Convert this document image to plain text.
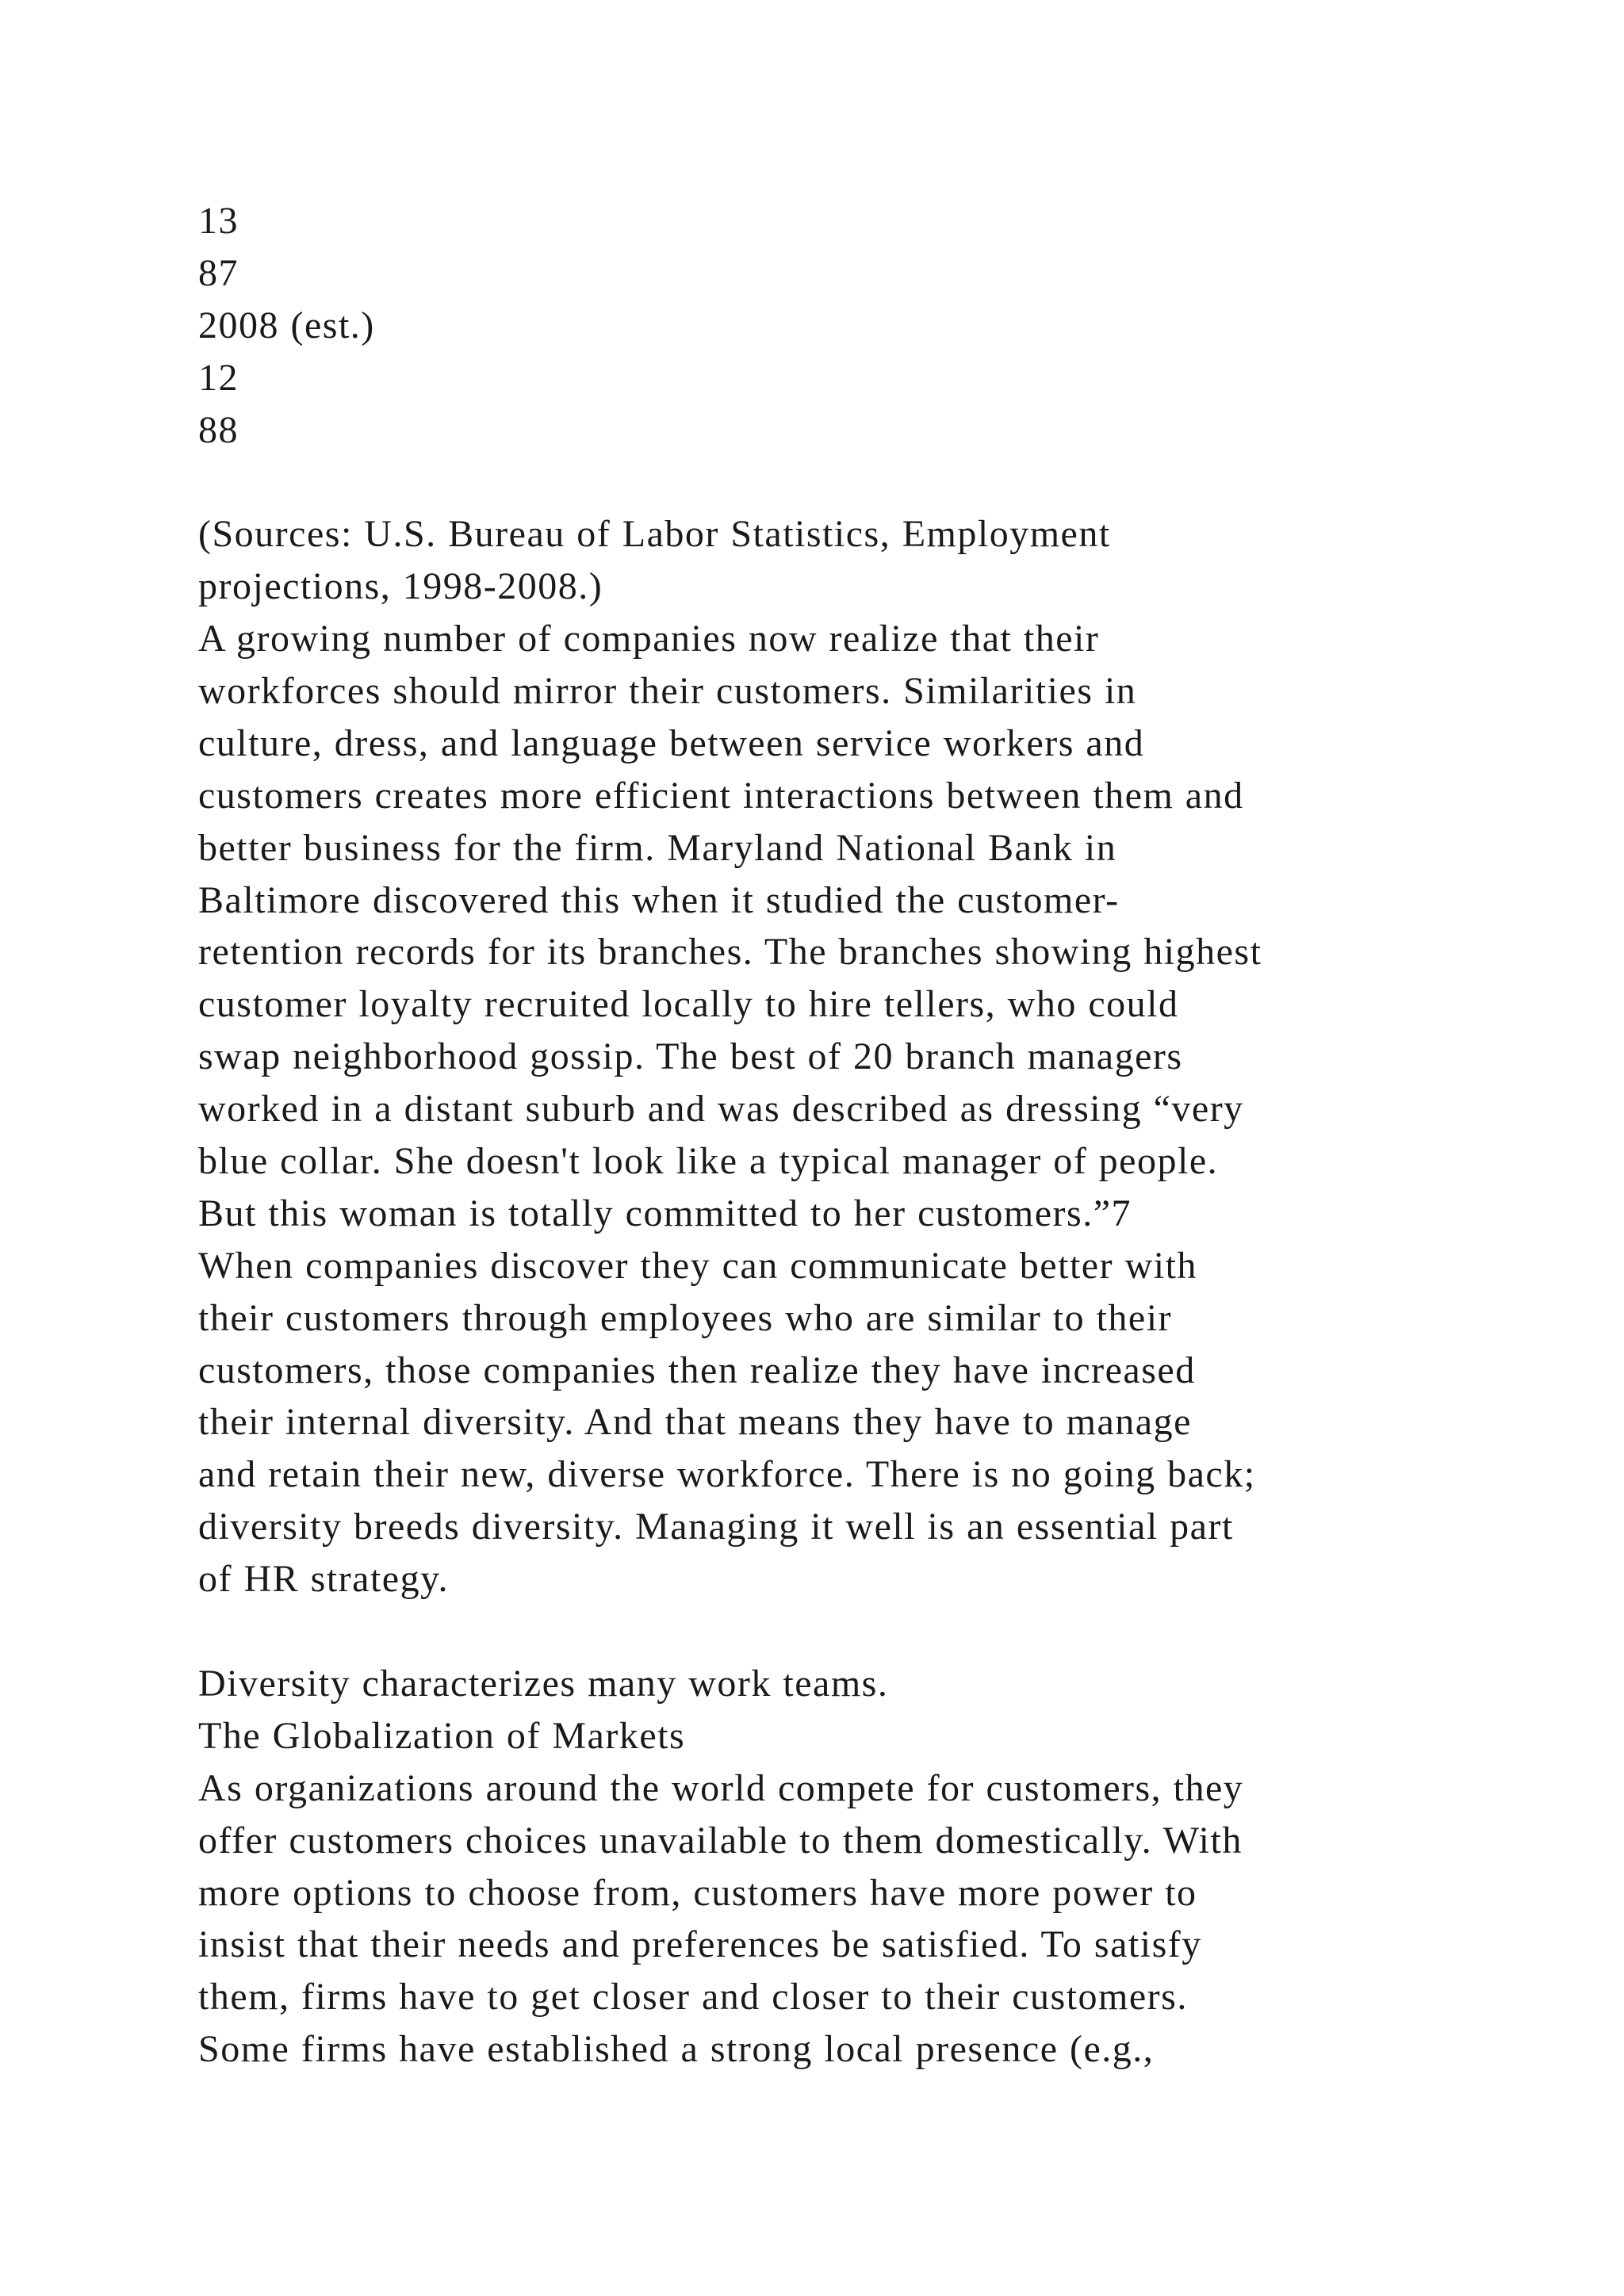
13
87
2008 (est.)
12
88
(Sources: U.S. Bureau of Labor Statistics, Employment
projections, 1998-2008.)
A growing number of companies now realize that their
workforces should mirror their customers. Similarities in
culture, dress, and language between service workers and
customers creates more efficient interactions between them and
better business for the firm. Maryland National Bank in
Baltimore discovered this when it studied the customer-
retention records for its branches. The branches showing highest
customer loyalty recruited locally to hire tellers, who could
swap neighborhood gossip. The best of 20 branch managers
worked in a distant suburb and was described as dressing “very
blue collar. She doesn't look like a typical manager of people.
But this woman is totally committed to her customers.”7
When companies discover they can communicate better with
their customers through employees who are similar to their
customers, those companies then realize they have increased
their internal diversity. And that means they have to manage
and retain their new, diverse workforce. There is no going back;
diversity breeds diversity. Managing it well is an essential part
of HR strategy.
Diversity characterizes many work teams.
The Globalization of Markets
As organizations around the world compete for customers, they
offer customers choices unavailable to them domestically. With
more options to choose from, customers have more power to
insist that their needs and preferences be satisfied. To satisfy
them, firms have to get closer and closer to their customers.
Some firms have established a strong local presence (e.g.,
